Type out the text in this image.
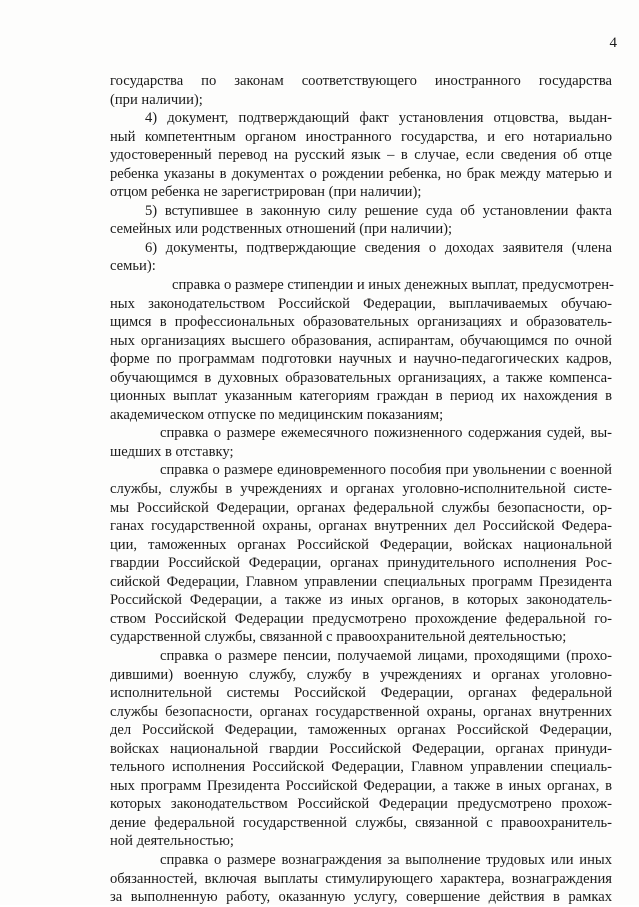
4
государства по законам соответствующего иностранного государства
(при наличии);
4) документ, подтверждающий факт установления отцовства, выдан-
ный компетентным органом иностранного государства, и его нотариально
удостоверенный перевод на русский язык – в случае, если сведения об отце
ребенка указаны в документах о рождении ребенка, но брак между матерью и
отцом ребенка не зарегистрирован (при наличии);
5) вступившее в законную силу решение суда об установлении факта
семейных или родственных отношений (при наличии);
6) документы, подтверждающие сведения о доходах заявителя (члена
семьи):
справка о размере стипендии и иных денежных выплат, предусмотрен-
ных законодательством Российской Федерации, выплачиваемых обучаю-
щимся в профессиональных образовательных организациях и образователь-
ных организациях высшего образования, аспирантам, обучающимся по очной
форме по программам подготовки научных и научно-педагогических кадров,
обучающимся в духовных образовательных организациях, а также компенса-
ционных выплат указанным категориям граждан в период их нахождения в
академическом отпуске по медицинским показаниям;
справка о размере ежемесячного пожизненного содержания судей, вы-
шедших в отставку;
справка о размере единовременного пособия при увольнении с военной
службы, службы в учреждениях и органах уголовно-исполнительной систе-
мы Российской Федерации, органах федеральной службы безопасности, ор-
ганах государственной охраны, органах внутренних дел Российской Федера-
ции, таможенных органах Российской Федерации, войсках национальной
гвардии Российской Федерации, органах принудительного исполнения Рос-
сийской Федерации, Главном управлении специальных программ Президента
Российской Федерации, а также из иных органов, в которых законодатель-
ством Российской Федерации предусмотрено прохождение федеральной го-
сударственной службы, связанной с правоохранительной деятельностью;
справка о размере пенсии, получаемой лицами, проходящими (прохо-
дившими) военную службу, службу в учреждениях и органах уголовно-
исполнительной системы Российской Федерации, органах федеральной
службы безопасности, органах государственной охраны, органах внутренних
дел Российской Федерации, таможенных органах Российской Федерации,
войсках национальной гвардии Российской Федерации, органах принуди-
тельного исполнения Российской Федерации, Главном управлении специаль-
ных программ Президента Российской Федерации, а также в иных органах, в
которых законодательством Российской Федерации предусмотрено прохож-
дение федеральной государственной службы, связанной с правоохранитель-
ной деятельностью;
справка о размере вознаграждения за выполнение трудовых или иных
обязанностей, включая выплаты стимулирующего характера, вознаграждения
за выполненную работу, оказанную услугу, совершение действия в рамках
